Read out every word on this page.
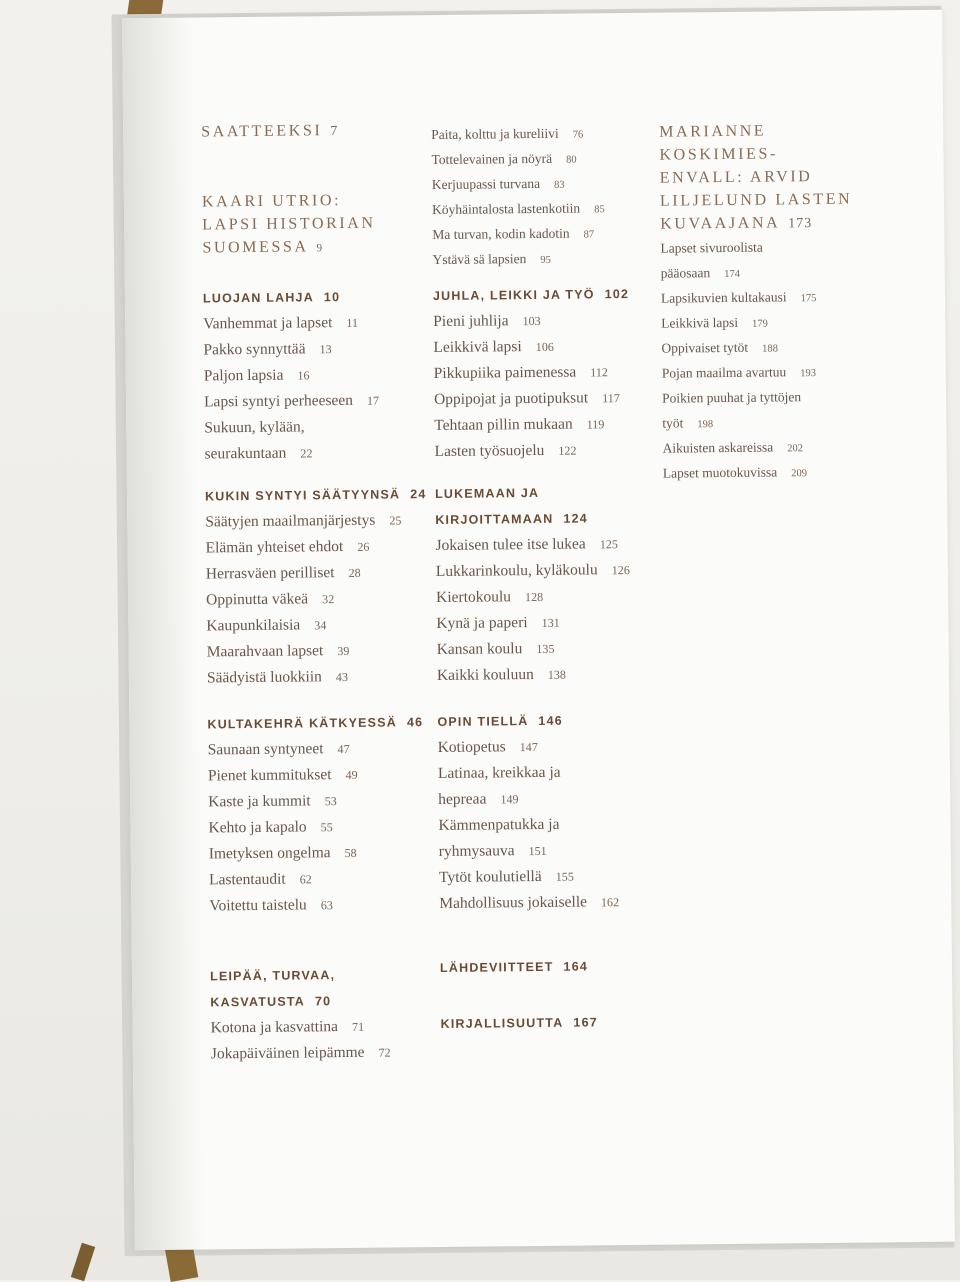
SAATTEEKSI 7
KAARI UTRIO:
LAPSI HISTORIAN
SUOMESSA 9
LUOJAN LAHJA 10
Vanhemmat ja lapset 11
Pakko synnyttää 13
Paljon lapsia 16
Lapsi syntyi perheeseen 17
Sukuun, kylään,
seurakuntaan 22
KUKIN SYNTYI SÄÄTYYNSÄ 24
Säätyjen maailmanjärjestys 25
Elämän yhteiset ehdot 26
Herrasväen perilliset 28
Oppinutta väkeä 32
Kaupunkilaisia 34
Maarahvaan lapset 39
Säädyistä luokkiin 43
KULTAKEHRÄ KÄTKYESSÄ 46
Saunaan syntyneet 47
Pienet kummitukset 49
Kaste ja kummit 53
Kehto ja kapalo 55
Imetyksen ongelma 58
Lastentaudit 62
Voitettu taistelu 63
LEIPÄÄ, TURVAA,
KASVATUSTA 70
Kotona ja kasvattina 71
Jokapäiväinen leipämme 72
Paita, kolttu ja kureliivi 76
Tottelevainen ja nöyrä 80
Kerjuupassi turvana 83
Köyhäintalosta lastenkotiin 85
Ma turvan, kodin kadotin 87
Ystävä sä lapsien 95
JUHLA, LEIKKI JA TYÖ 102
Pieni juhlija 103
Leikkivä lapsi 106
Pikkupiika paimenessa 112
Oppipojat ja puotipuksut 117
Tehtaan pillin mukaan 119
Lasten työsuojelu 122
LUKEMAAN JA
KIRJOITTAMAAN 124
Jokaisen tulee itse lukea 125
Lukkarinkoulu, kyläkoulu 126
Kiertokoulu 128
Kynä ja paperi 131
Kansan koulu 135
Kaikki kouluun 138
OPIN TIELLÄ 146
Kotiopetus 147
Latinaa, kreikkaa ja
hepreaa 149
Kämmenpatukka ja
ryhmysauva 151
Tytöt koulutiellä 155
Mahdollisuus jokaiselle 162
LÄHDEVIITTEET 164
KIRJALLISUUTTA 167
MARIANNE KOSKIMIES-
ENVALL: ARVID
LILJELUND LASTEN
KUVAAJANA 173
Lapset sivuroolista
pääosaan 174
Lapsikuvien kultakausi 175
Leikkivä lapsi 179
Oppivaiset tytöt 188
Pojan maailma avartuu 193
Poikien puuhat ja tyttöjen
työt 198
Aikuisten askareissa 202
Lapset muotokuvissa 209
